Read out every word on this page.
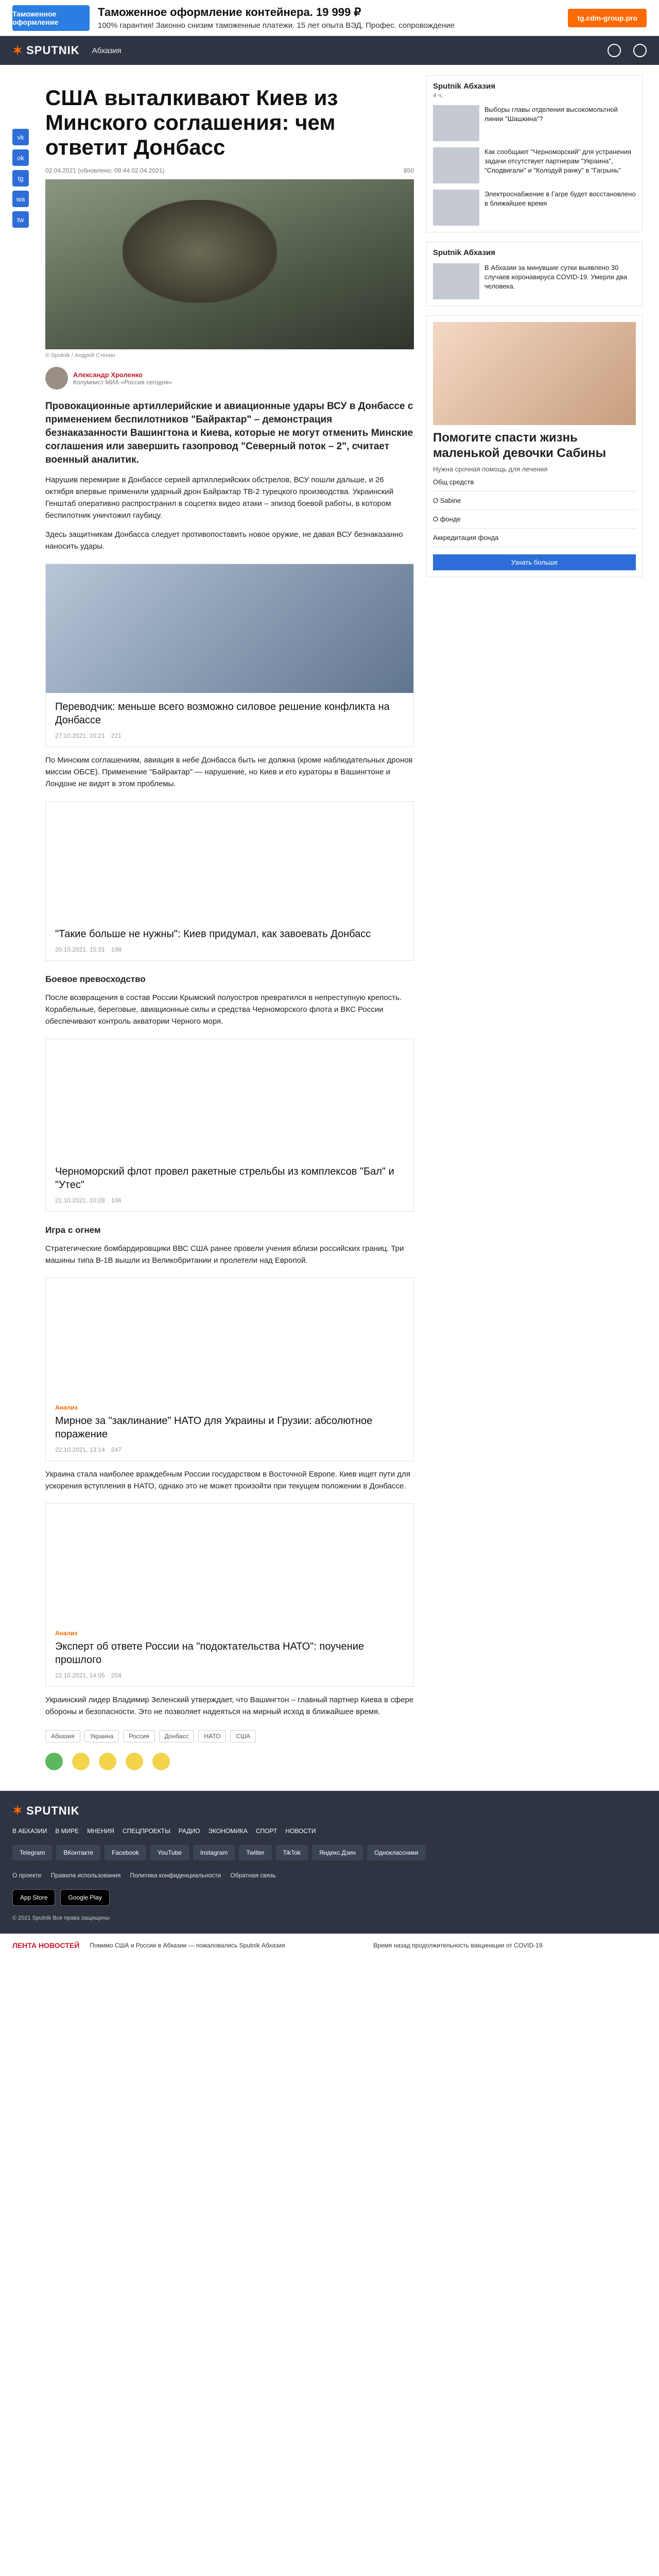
Таможенное оформление
Таможенное оформление контейнера. 19 999 ₽
100% гарантия! Законно снизим таможенные платежи. 15 лет опыта ВЭД. Профес. сопровождение
tg.cdm-group.pro
✶ SPUTNIK Абхазия
vk
ok
tg
wa
tw
США выталкивают Киев из Минского соглашения: чем ответит Донбасс
02.04.2021 (обновлено: 09:44 02.04.2021)	850
© Sputnik / Андрей Стенин
Александр Хроленко
Колумнист МИА «Россия сегодня»
Провокационные артиллерийские и авиационные удары ВСУ в Донбассе с применением беспилотников "Байрактар" – демонстрация безнаказанности Вашингтона и Киева, которые не могут отменить Минские соглашения или завершить газопровод "Северный поток – 2", считает военный аналитик.

Нарушив перемирие в Донбассе серией артиллерийских обстрелов, ВСУ пошли дальше, и 26 октября впервые применили ударный дрон Байрактар ТВ-2 турецкого производства. Украинский Генштаб оперативно распространил в соцсетях видео атаки – эпизод боевой работы, в котором беспилотник уничтожил гаубицу.

Здесь защитникам Донбасса следует противопоставить новое оружие, не давая ВСУ безнаказанно наносить удары.

Переводчик: меньше всего возможно силовое решение конфликта на Донбассе
27.10.2021, 10:21 221

По Минским соглашениям, авиация в небе Донбасса быть не должна (кроме наблюдательных дронов миссии ОБСЕ). Применение "Байрактар" — нарушение, но Киев и его кураторы в Вашингтоне и Лондоне не видят в этом проблемы.

"Такие больше не нужны": Киев придумал, как завоевать Донбасс
20.10.2021, 15:31 198
Боевое превосходство

После возвращения в состав России Крымский полуостров превратился в непреступную крепость. Корабельные, береговые, авиационные силы и средства Черноморского флота и ВКС России обеспечивают контроль акватории Черного моря.

Черноморский флот провел ракетные стрельбы из комплексов "Бал" и "Утес"
21.10.2021, 10:28 106
Игра с огнем

Стратегические бомбардировщики ВВС США ранее провели учения вблизи российских границ. Три машины типа В-1В вышли из Великобритании и пролетели над Европой.

Анализ
Мирное за "заклинание" НАТО для Украины и Грузии: абсолютное поражение
22.10.2021, 13:14 247

Украина стала наиболее враждебным России государством в Восточной Европе. Киев ищет пути для ускорения вступления в НАТО, однако это не может произойти при текущем положении в Донбассе.

Анализ
Эксперт об ответе России на "подоктательства НАТО": поучение прошлого
22.10.2021, 14:05 204

Украинский лидер Владимир Зеленский утверждает, что Вашингтон – главный партнер Киева в сфере обороны и безопасности. Это не позволяет надеяться на мирный исход в ближайшее время.

Абхазия	Украина	Россия	Донбасс	НАТО	США
Sputnik Абхазия
4 ч.
Выборы главы отделения высокомольтной линии "Шашкина"?
Как сообщают "Черноморский" для устранения задачи отсутствует партнерам "Украина", "Сподвигали" и "Колодуй ранку" в "Гагрынь"
Электроснабжение в Гагре будет восстановлено в ближайшее время
Sputnik Абхазия
В Абхазии за минувшие сутки выявлено 30 случаев коронавируса COVID-19. Умерли два человека.
Помогите спасти жизнь маленькой девочки Сабины
Нужна срочная помощь для лечения
Общ средств
О Sabine
О фонде
Аккредитация фонда
Узнать больше
✶ SPUTNIK
В АБХАЗИИ В МИРЕ МНЕНИЯ СПЕЦПРОЕКТЫ РАДИО ЭКОНОМИКА СПОРТ НОВОСТИ
Telegram	ВКонтакте	Facebook	YouTube	Instagram	Twitter	TikTok	Яндекс.Дзен	Одноклассники
О проекте Правила использования Политика конфиденциальности Обратная связь
App Store	Google Play
© 2021 Sputnik Все права защищены
ЛЕНТА НОВОСТЕЙ Помимо США и России в Абхазии — пожаловались Sputnik Абхазия	Время назад продолжительность вакцинации от COVID-19
